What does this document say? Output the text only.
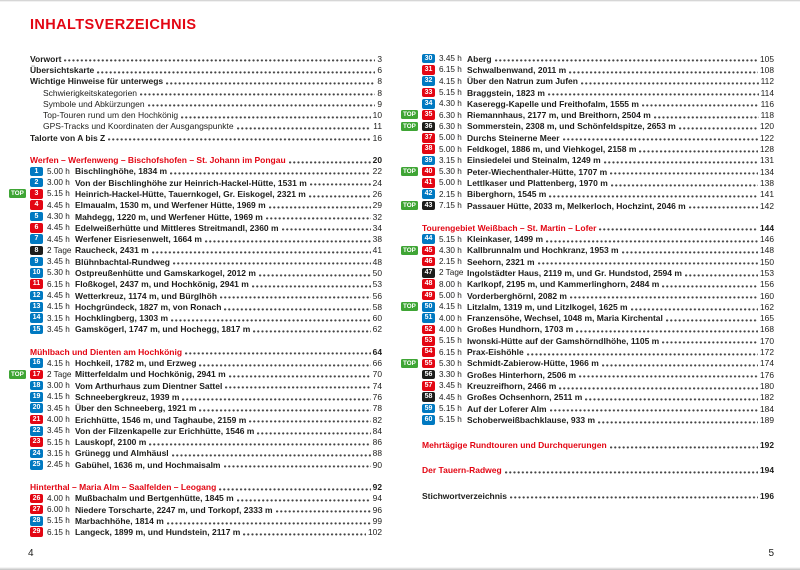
INHALTSVERZEICHNIS
Vorwort	3
Übersichtskarte	6
Wichtige Hinweise für unterwegs	8
Schwierigkeitskategorien	8
Symbole und Abkürzungen	9
Top-Touren rund um den Hochkönig	10
GPS-Tracks und Koordinaten der Ausgangspunkte	11
Talorte von A bis Z	16
Werfen – Werfenweng – Bischofshofen – St. Johann im Pongau	20
1	5.00 h Bischlinghöhe, 1834 m	22
2	3.00 h Von der Bischlinghöhe zur Heinrich-Hackel-Hütte, 1531 m	24
TOP	3	5.15 h Heinrich-Hackel-Hütte, Tauernkogel, Gr. Eiskogel, 2321 m	26
4	4.45 h Elmaualm, 1530 m, und Werfener Hütte, 1969 m	29
5	4.30 h Mahdegg, 1220 m, und Werfener Hütte, 1969 m	32
6	4.45 h Edelweißerhütte und Mittleres Streitmandl, 2360 m	34
7	4.45 h Werfener Eisriesenwelt, 1664 m	38
8	2 Tage Raucheck, 2431 m	41
9	3.45 h Blühnbachtal-Rundweg	48
10 5.30 h Ostpreußenhütte und Gamskarkogel, 2012 m	50
11 6.15 h Floßkogel, 2437 m, und Hochkönig, 2941 m	53
12 4.45 h Wetterkreuz, 1174 m, und Bürglhöh	56
13 4.15 h Hochgründeck, 1827 m, von Ronach	58
14 3.15 h Hochklingberg, 1303 m	60
15 3.45 h Gamskögerl, 1747 m, und Hochegg, 1817 m	62
Mühlbach und Dienten am Hochkönig	64
16 4.15 h Hochkeil, 1782 m, und Erzweg	66
TOP	17 2 Tage Mitterfeldalm und Hochkönig, 2941 m	70
18 3.00 h Vom Arthurhaus zum Dientner Sattel	74
19 4.15 h Schneebergkreuz, 1939 m	76
20 3.45 h Über den Schneeberg, 1921 m	78
21 4.00 h Erichhütte, 1546 m, und Taghaube, 2159 m	82
22 3.45 h Von der Filzenkapelle zur Erichhütte, 1546 m	84
23 5.15 h Lauskopf, 2100 m	86
24 3.15 h Grünegg und Almhäusl	88
25 2.45 h Gabühel, 1636 m, und Hochmaisalm	90
Hinterthal – Maria Alm – Saalfelden – Leogang	92
26 4.00 h Mußbachalm und Bertgenhütte, 1845 m	94
27 6.00 h Niedere Torscharte, 2247 m, und Torkopf, 2333 m	96
28 5.15 h Marbachhöhe, 1814 m	99
29 6.15 h Langeck, 1899 m, und Hundstein, 2117 m	102
30 3.45 h Aberg	105
31 6.15 h Schwalbenwand, 2011 m	108
32 4.15 h Über den Natrun zum Jufen	112
33 5.15 h Braggstein, 1823 m	114
34 4.30 h Kaseregg-Kapelle und Freithofalm, 1555 m	116
TOP	35 6.30 h Riemannhaus, 2177 m, und Breithorn, 2504 m	118
TOP	36 6.30 h Sommerstein, 2308 m, und Schönfeldspitze, 2653 m	120
37 5.00 h Durchs Steinerne Meer	122
38 5.00 h Feldkogel, 1886 m, und Viehkogel, 2158 m	128
39 3.15 h Einsiedelei und Steinalm, 1249 m	131
TOP	40 5.30 h Peter-Wiechenthaler-Hütte, 1707 m	134
41 5.00 h Lettlkaser und Plattenberg, 1970 m	138
42 2.15 h Biberghorn, 1545 m	141
TOP	43 7.15 h Passauer Hütte, 2033 m, Melkerloch, Hochzint, 2046 m	142
Tourengebiet Weißbach – St. Martin – Lofer	144
44 5.15 h Kleinkaser, 1499 m	146
TOP	45 4.30 h Kallbrunnalm und Hochkranz, 1953 m	148
46 2.15 h Seehorn, 2321 m	150
47 2 Tage Ingolstädter Haus, 2119 m, und Gr. Hundstod, 2594 m	153
48 8.00 h Karlkopf, 2195 m, und Kammerlinghorn, 2484 m	156
49 5.00 h Vorderberghörnl, 2082 m	160
TOP	50 4.15 h Litzlalm, 1319 m, und Litzlkogel, 1625 m	162
51 4.00 h Franzensöhe, Wechsel, 1048 m, Maria Kirchental	165
52 4.00 h Großes Hundhorn, 1703 m	168
53 5.15 h Iwonski-Hütte auf der Gamshörndlhöhe, 1105 m	170
54 6.15 h Prax-Eishöhle	172
TOP	55 5.30 h Schmidt-Zabierow-Hütte, 1966 m	174
56 3.30 h Großes Hinterhorn, 2506 m	176
57 3.45 h Kreuzreifhorn, 2466 m	180
58 4.45 h Großes Ochsenhorn, 2511 m	182
59 5.15 h Auf der Loferer Alm	184
60 5.15 h Schoberweißbachklause, 933 m	189
Mehrtägige Rundtouren und Durchquerungen	192
Der Tauern-Radweg	194
Stichwortverzeichnis	196
4	5
